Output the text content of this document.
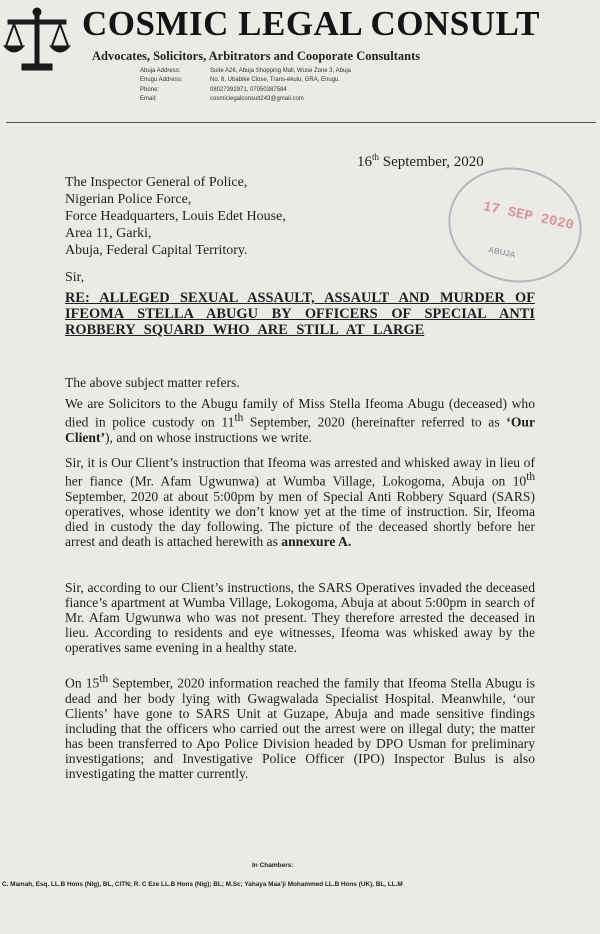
COSMIC LEGAL CONSULT
Advocates, Solicitors, Arbitrators and Cooporate Consultants
Abuja Address:	Suite A26, Abuja Shopping Mall, Wuse Zone 3, Abuja
Enugu Address:	No. 8, Ubabike Close, Trans-ekulu, GRA, Enugu.
Phone:	08027392971, 07050387584
Email:	cosmiclegalconsult243@gmail.com
16th September, 2020
17 SEP 2020
ABUJA
The Inspector General of Police,
Nigerian Police Force,
Force Headquarters, Louis Edet House,
Area 11, Garki,
Abuja, Federal Capital Territory.
Sir,
RE: ALLEGED SEXUAL ASSAULT, ASSAULT AND MURDER OF IFEOMA STELLA ABUGU BY OFFICERS OF SPECIAL ANTI ROBBERY SQUARD WHO ARE STILL AT LARGE
The above subject matter refers.
We are Solicitors to the Abugu family of Miss Stella Ifeoma Abugu (deceased) who died in police custody on 11th September, 2020 (hereinafter referred to as ‘Our Client’), and on whose instructions we write.
Sir, it is Our Client’s instruction that Ifeoma was arrested and whisked away in lieu of her fiance (Mr. Afam Ugwunwa) at Wumba Village, Lokogoma, Abuja on 10th September, 2020 at about 5:00pm by men of Special Anti Robbery Squard (SARS) operatives, whose identity we don’t know yet at the time of instruction. Sir, Ifeoma died in custody the day following. The picture of the deceased shortly before her arrest and death is attached herewith as annexure A.
Sir, according to our Client’s instructions, the SARS Operatives invaded the deceased fiance’s apartment at Wumba Village, Lokogoma, Abuja at about 5:00pm in search of Mr. Afam Ugwunwa who was not present. They therefore arrested the deceased in lieu. According to residents and eye witnesses, Ifeoma was whisked away by the operatives same evening in a healthy state.
On 15th September, 2020 information reached the family that Ifeoma Stella Abugu is dead and her body lying with Gwagwalada Specialist Hospital. Meanwhile, ‘our Clients’ have gone to SARS Unit at Guzape, Abuja and made sensitive findings including that the officers who carried out the arrest were on illegal duty; the matter has been transferred to Apo Police Division headed by DPO Usman for preliminary investigations; and Investigative Police Officer (IPO) Inspector Bulus is also investigating the matter currently.
In Chambers:
C. Mamah, Esq. LL.B Hons (Nig), BL, CITN; R. C Eze LL.B Hons (Nig); BL; M.Sc; Yahaya Maa’ji Mohammed LL.B Hons (UK), BL, LL.M
